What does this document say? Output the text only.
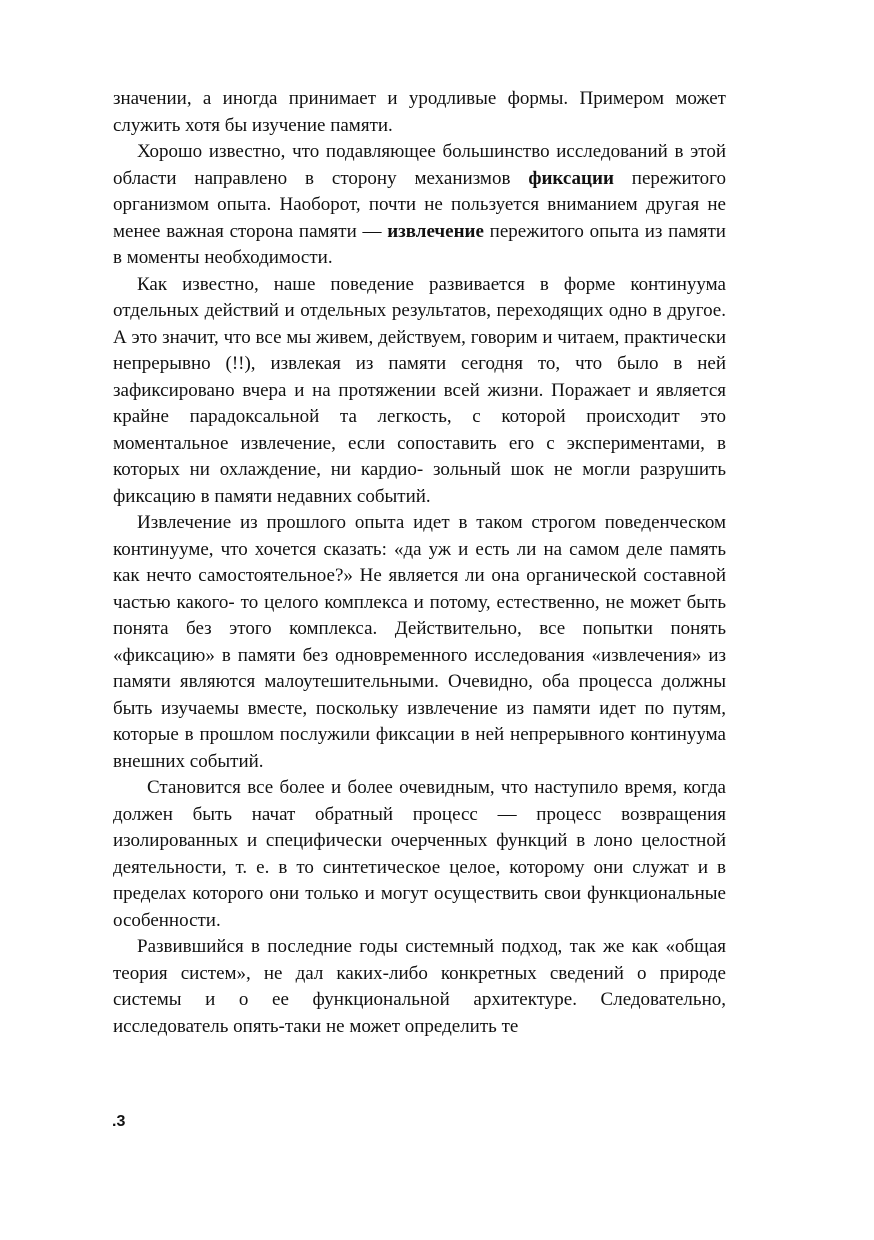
значении, а иногда принимает и уродливые формы. Примером может служить хотя бы изучение памяти.

Хорошо известно, что подавляющее большинство исследований в этой области направлено в сторону механизмов фиксации пережитого организмом опыта. Наоборот, почти не пользуется вниманием другая не менее важная сторона памяти — извлечение пережитого опыта из памяти в моменты необходимости.

Как известно, наше поведение развивается в форме континуума отдельных действий и отдельных результатов, переходящих одно в другое. А это значит, что все мы живем, действуем, говорим и читаем, практически непрерывно (!!), извлекая из памяти сегодня то, что было в ней зафиксировано вчера и на протяжении всей жизни. Поражает и является крайне парадоксальной та легкость, с которой происходит это моментальное извлечение, если сопоставить его с экспериментами, в которых ни охлаждение, ни кардио- зольный шок не могли разрушить фиксацию в памяти недавних событий.

Извлечение из прошлого опыта идет в таком строгом поведенческом континууме, что хочется сказать: «да уж и есть ли на самом деле память как нечто самостоятельное?» Не является ли она органической составной частью какого- то целого комплекса и потому, естественно, не может быть понята без этого комплекса. Действительно, все попытки понять «фиксацию» в памяти без одновременного исследования «извлечения» из памяти являются малоутешительными. Очевидно, оба процесса должны быть изучаемы вместе, поскольку извлечение из памяти идет по путям, которые в прошлом послужили фиксации в ней непрерывного континуума внешних событий.

Становится все более и более очевидным, что наступило время, когда должен быть начат обратный процесс — процесс возвращения изолированных и специфически очерченных функций в лоно целостной деятельности, т. е. в то синтетическое целое, которому они служат и в пределах которого они только и могут осуществить свои функциональные особенности.

Развившийся в последние годы системный подход, так же как «общая теория систем», не дал каких-либо конкретных сведений о природе системы и о ее функциональной архитектуре. Следовательно, исследователь опять-таки не может определить те

.3
